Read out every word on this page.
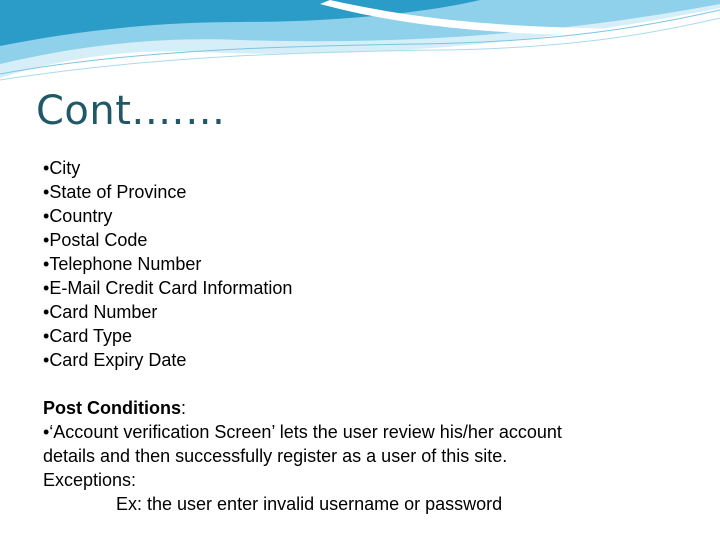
Cont.……
•City
•State of Province
•Country
•Postal Code
•Telephone Number
•E-Mail Credit Card Information
•Card Number
•Card Type
•Card Expiry Date
Post Conditions:
•‘Account verification Screen’ lets the user review his/her account
details and then successfully register as a user of this site.
Exceptions:
Ex: the user enter invalid username or password
